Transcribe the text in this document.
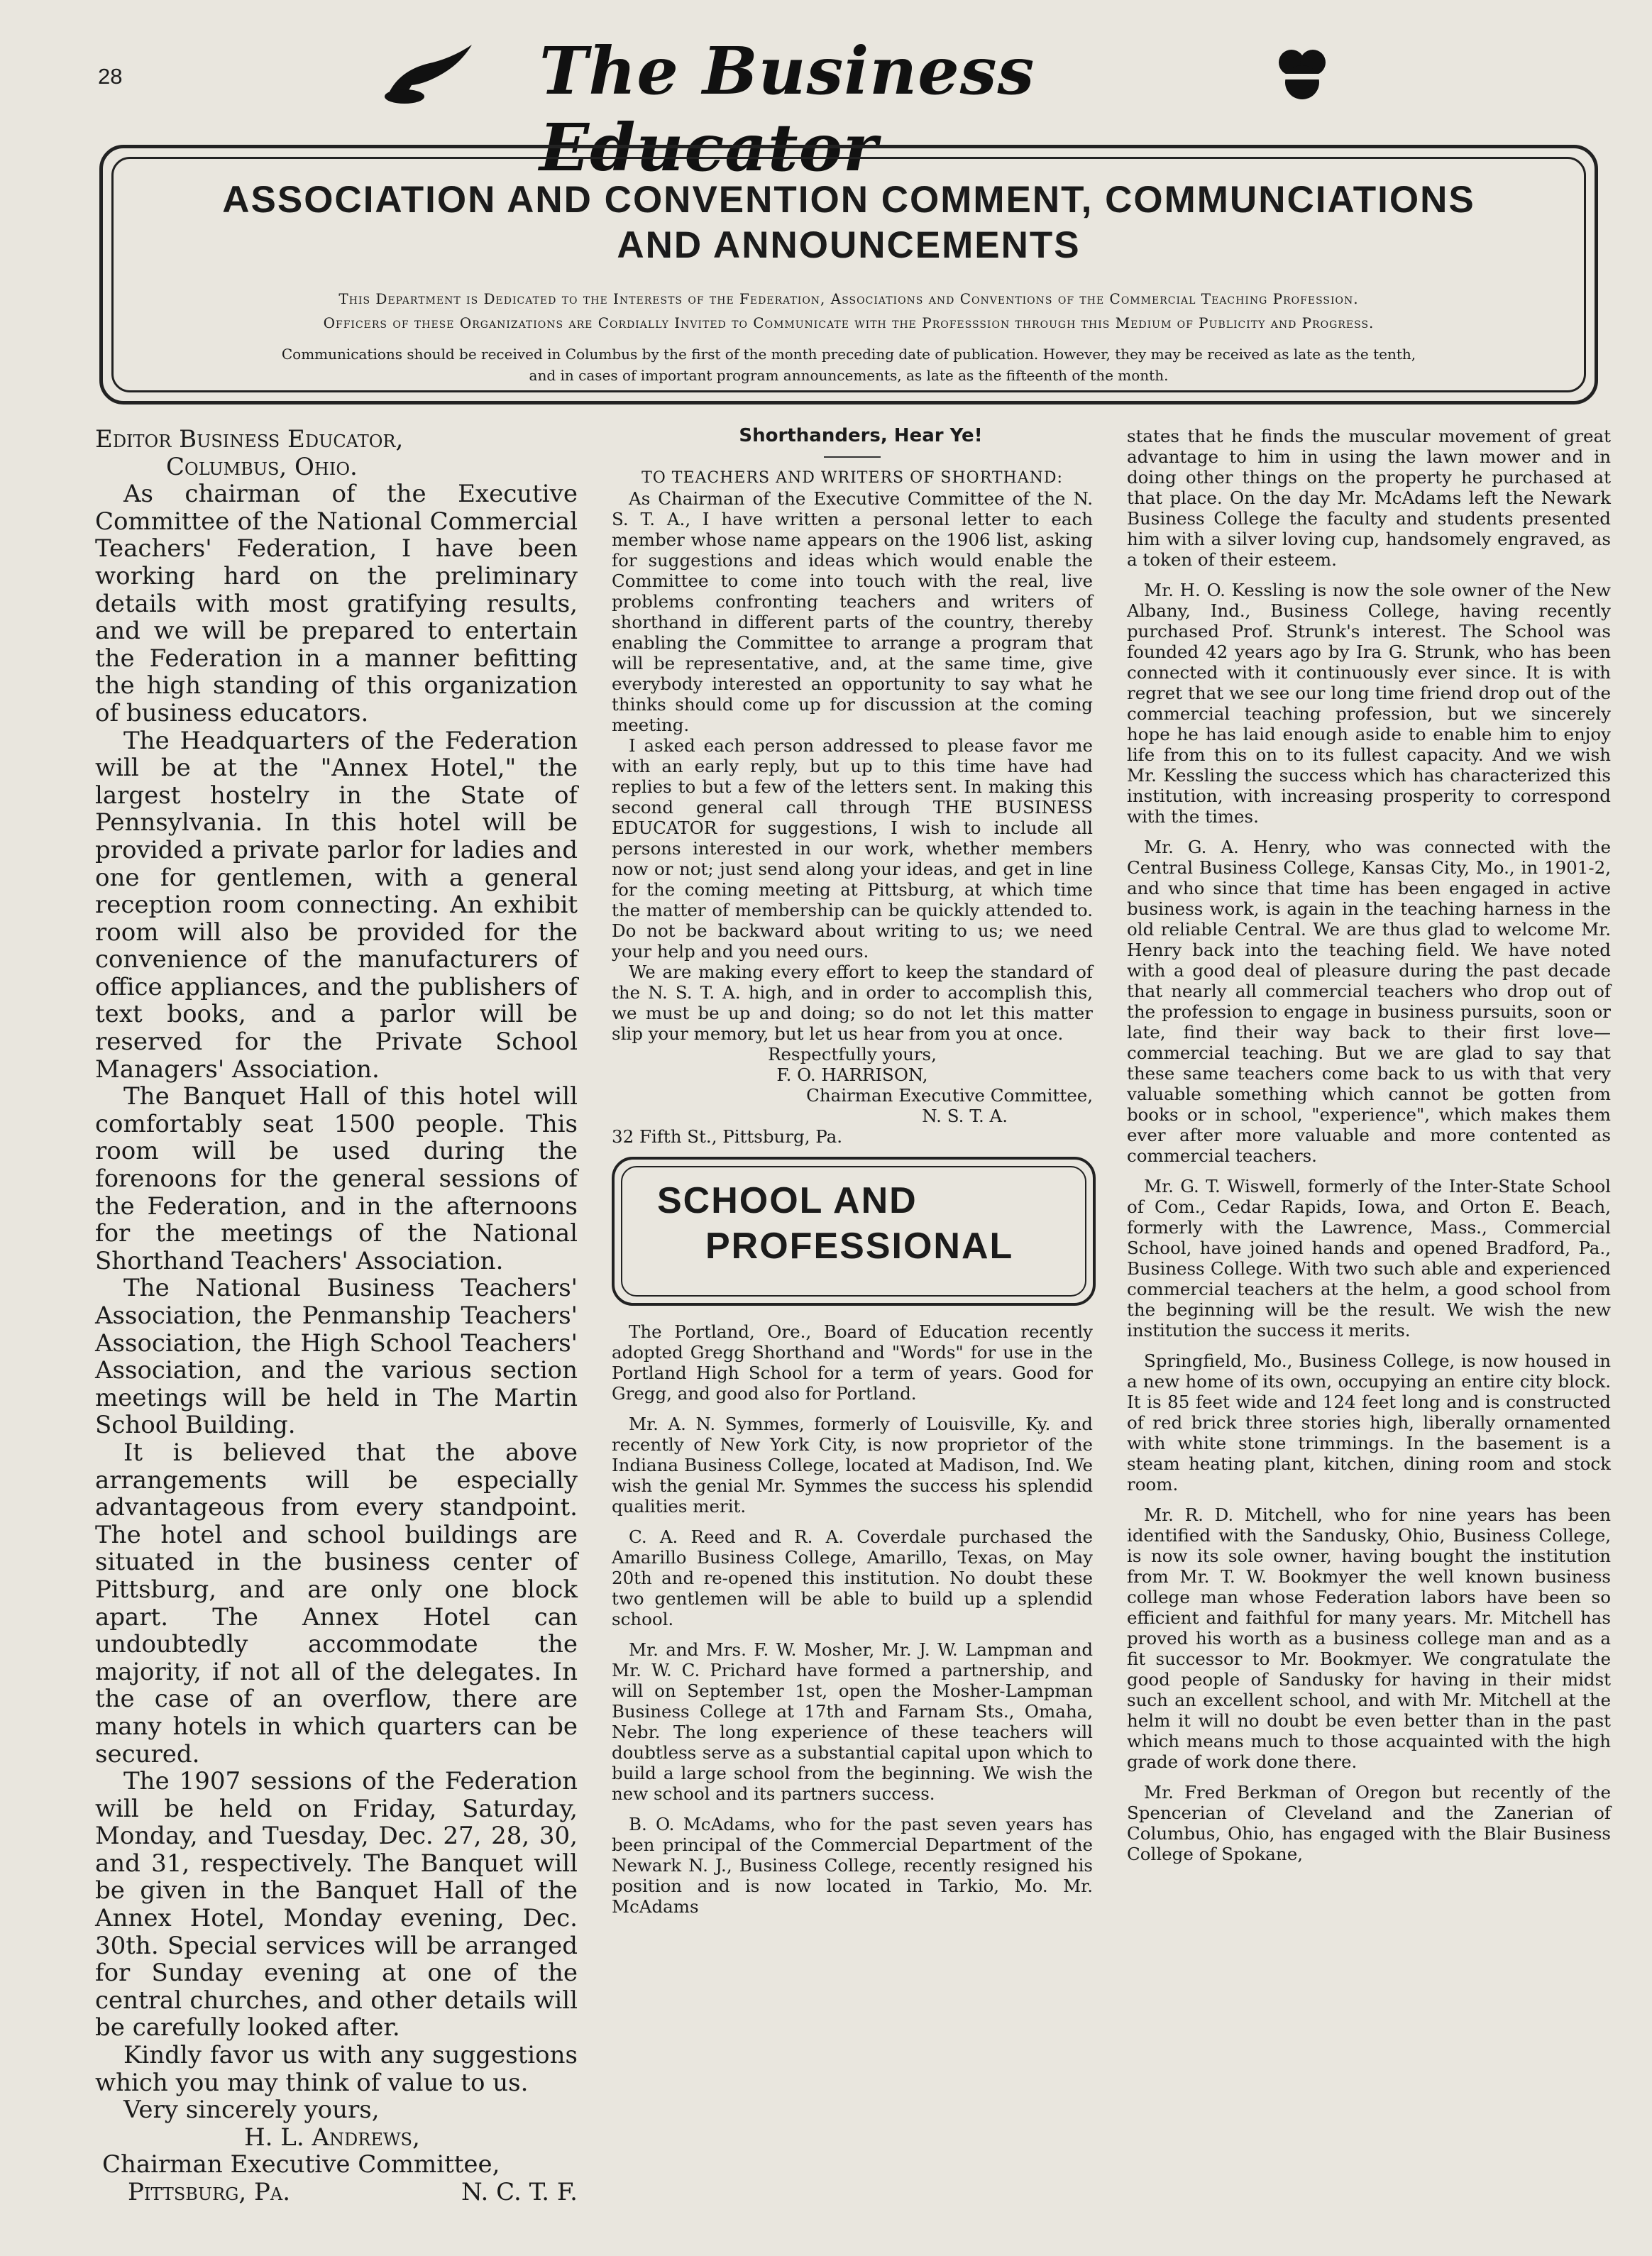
28	The Business Educator
ASSOCIATION AND CONVENTION COMMENT, COMMUNCIATIONS
AND ANNOUNCEMENTS
This Department is Dedicated to the Interests of the Federation, Associations and Conventions of the Commercial Teaching Profession.
Officers of these Organizations are Cordially Invited to Communicate with the Professsion through this Medium of Publicity and Progress.
Communications should be received in Columbus by the first of the month preceding date of publication. However, they may be received as late as the tenth,
and in cases of important program announcements, as late as the fifteenth of the month.

Editor Business Educator,

Columbus, Ohio.

As chairman of the Executive Committee of the National Commercial Teachers' Federation, I have been working hard on the preliminary details with most gratifying results, and we will be prepared to entertain the Federation in a manner befitting the high standing of this organization of business educators.

The Headquarters of the Federation will be at the "Annex Hotel," the largest hostelry in the State of Pennsylvania. In this hotel will be provided a private parlor for ladies and one for gentlemen, with a general reception room connecting. An exhibit room will also be provided for the convenience of the manufacturers of office appliances, and the publishers of text books, and a parlor will be reserved for the Private School Managers' Association.

The Banquet Hall of this hotel will comfortably seat 1500 people. This room will be used during the forenoons for the general sessions of the Federation, and in the afternoons for the meetings of the National Shorthand Teachers' Association.

The National Business Teachers' Association, the Penmanship Teachers' Association, the High School Teachers' Association, and the various section meetings will be held in The Martin School Building.

It is believed that the above arrangements will be especially advantageous from every standpoint. The hotel and school buildings are situated in the business center of Pittsburg, and are only one block apart. The Annex Hotel can undoubtedly accommodate the majority, if not all of the delegates. In the case of an overflow, there are many hotels in which quarters can be secured.

The 1907 sessions of the Federation will be held on Friday, Saturday, Monday, and Tuesday, Dec. 27, 28, 30, and 31, respectively. The Banquet will be given in the Banquet Hall of the Annex Hotel, Monday evening, Dec. 30th. Special services will be arranged for Sunday evening at one of the central churches, and other details will be carefully looked after.

Kindly favor us with any suggestions which you may think of value to us.

Very sincerely yours,

H. L. Andrews,

Chairman Executive Committee,

Pittsburg, Pa.	N. C. T. F.

Shorthanders, Hear Ye!

TO TEACHERS AND WRITERS OF SHORTHAND:

As Chairman of the Executive Committee of the N. S. T. A., I have written a personal letter to each member whose name appears on the 1906 list, asking for suggestions and ideas which would enable the Committee to come into touch with the real, live problems confronting teachers and writers of shorthand in different parts of the country, thereby enabling the Committee to arrange a program that will be representative, and, at the same time, give everybody interested an opportunity to say what he thinks should come up for discussion at the coming meeting.

I asked each person addressed to please favor me with an early reply, but up to this time have had replies to but a few of the letters sent. In making this second general call through THE BUSINESS EDUCATOR for suggestions, I wish to include all persons interested in our work, whether members now or not; just send along your ideas, and get in line for the coming meeting at Pittsburg, at which time the matter of membership can be quickly attended to. Do not be backward about writing to us; we need your help and you need ours.

We are making every effort to keep the standard of the N. S. T. A. high, and in order to accomplish this, we must be up and doing; so do not let this matter slip your memory, but let us hear from you at once.

Respectfully yours,

F. O. HARRISON,

Chairman Executive Committee,

N. S. T. A.

32 Fifth St., Pittsburg, Pa.

SCHOOL AND
PROFESSIONAL

The Portland, Ore., Board of Education recently adopted Gregg Shorthand and "Words" for use in the Portland High School for a term of years. Good for Gregg, and good also for Portland.

Mr. A. N. Symmes, formerly of Louisville, Ky. and recently of New York City, is now proprietor of the Indiana Business College, located at Madison, Ind. We wish the genial Mr. Symmes the success his splendid qualities merit.

C. A. Reed and R. A. Coverdale purchased the Amarillo Business College, Amarillo, Texas, on May 20th and re-opened this institution. No doubt these two gentlemen will be able to build up a splendid school.

Mr. and Mrs. F. W. Mosher, Mr. J. W. Lampman and Mr. W. C. Prichard have formed a partnership, and will on September 1st, open the Mosher-Lampman Business College at 17th and Farnam Sts., Omaha, Nebr. The long experience of these teachers will doubtless serve as a substantial capital upon which to build a large school from the beginning. We wish the new school and its partners success.

B. O. McAdams, who for the past seven years has been principal of the Commercial Department of the Newark N. J., Business College, recently resigned his position and is now located in Tarkio, Mo. Mr. McAdams

states that he finds the muscular movement of great advantage to him in using the lawn mower and in doing other things on the property he purchased at that place. On the day Mr. McAdams left the Newark Business College the faculty and students presented him with a silver loving cup, handsomely engraved, as a token of their esteem.

Mr. H. O. Kessling is now the sole owner of the New Albany, Ind., Business College, having recently purchased Prof. Strunk's interest. The School was founded 42 years ago by Ira G. Strunk, who has been connected with it continuously ever since. It is with regret that we see our long time friend drop out of the commercial teaching profession, but we sincerely hope he has laid enough aside to enable him to enjoy life from this on to its fullest capacity. And we wish Mr. Kessling the success which has characterized this institution, with increasing prosperity to correspond with the times.

Mr. G. A. Henry, who was connected with the Central Business College, Kansas City, Mo., in 1901-2, and who since that time has been engaged in active business work, is again in the teaching harness in the old reliable Central. We are thus glad to welcome Mr. Henry back into the teaching field. We have noted with a good deal of pleasure during the past decade that nearly all commercial teachers who drop out of the profession to engage in business pursuits, soon or late, find their way back to their first love—commercial teaching. But we are glad to say that these same teachers come back to us with that very valuable something which cannot be gotten from books or in school, "experience", which makes them ever after more valuable and more contented as commercial teachers.

Mr. G. T. Wiswell, formerly of the Inter-State School of Com., Cedar Rapids, Iowa, and Orton E. Beach, formerly with the Lawrence, Mass., Commercial School, have joined hands and opened Bradford, Pa., Business College. With two such able and experienced commercial teachers at the helm, a good school from the beginning will be the result. We wish the new institution the success it merits.

Springfield, Mo., Business College, is now housed in a new home of its own, occupying an entire city block. It is 85 feet wide and 124 feet long and is constructed of red brick three stories high, liberally ornamented with white stone trimmings. In the basement is a steam heating plant, kitchen, dining room and stock room.

Mr. R. D. Mitchell, who for nine years has been identified with the Sandusky, Ohio, Business College, is now its sole owner, having bought the institution from Mr. T. W. Bookmyer the well known business college man whose Federation labors have been so efficient and faithful for many years. Mr. Mitchell has proved his worth as a business college man and as a fit successor to Mr. Bookmyer. We congratulate the good people of Sandusky for having in their midst such an excellent school, and with Mr. Mitchell at the helm it will no doubt be even better than in the past which means much to those acquainted with the high grade of work done there.

Mr. Fred Berkman of Oregon but recently of the Spencerian of Cleveland and the Zanerian of Columbus, Ohio, has engaged with the Blair Business College of Spokane,
